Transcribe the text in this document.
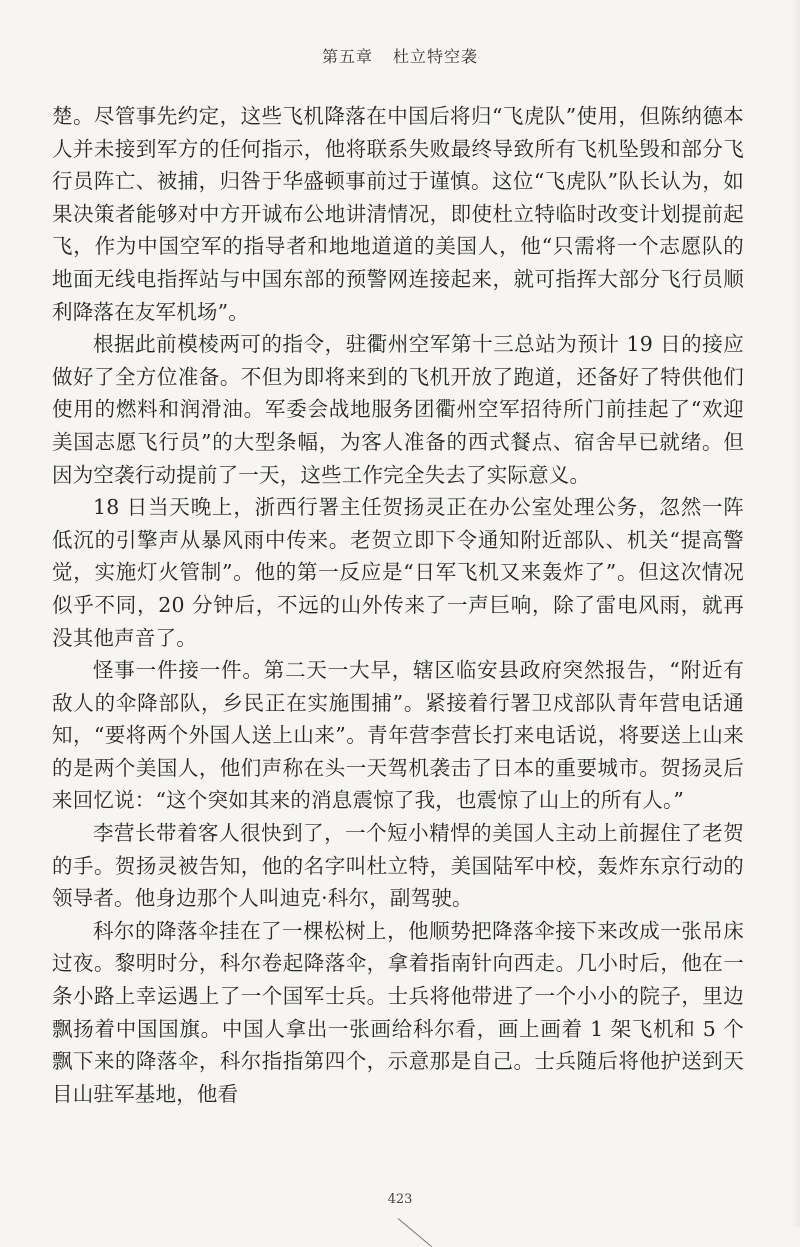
第五章 杜立特空袭

楚。尽管事先约定，这些飞机降落在中国后将归“飞虎队”使用，但陈纳德本人并未接到军方的任何指示，他将联系失败最终导致所有飞机坠毁和部分飞行员阵亡、被捕，归咎于华盛顿事前过于谨慎。这位“飞虎队”队长认为，如果决策者能够对中方开诚布公地讲清情况，即使杜立特临时改变计划提前起飞，作为中国空军的指导者和地地道道的美国人，他“只需将一个志愿队的地面无线电指挥站与中国东部的预警网连接起来，就可指挥大部分飞行员顺利降落在友军机场”。

根据此前模棱两可的指令，驻衢州空军第十三总站为预计 19 日的接应做好了全方位准备。不但为即将来到的飞机开放了跑道，还备好了特供他们使用的燃料和润滑油。军委会战地服务团衢州空军招待所门前挂起了“欢迎美国志愿飞行员”的大型条幅，为客人准备的西式餐点、宿舍早已就绪。但因为空袭行动提前了一天，这些工作完全失去了实际意义。

18 日当天晚上，浙西行署主任贺扬灵正在办公室处理公务，忽然一阵低沉的引擎声从暴风雨中传来。老贺立即下令通知附近部队、机关“提高警觉，实施灯火管制”。他的第一反应是“日军飞机又来轰炸了”。但这次情况似乎不同，20 分钟后，不远的山外传来了一声巨响，除了雷电风雨，就再没其他声音了。

怪事一件接一件。第二天一大早，辖区临安县政府突然报告，“附近有敌人的伞降部队，乡民正在实施围捕”。紧接着行署卫戍部队青年营电话通知，“要将两个外国人送上山来”。青年营李营长打来电话说，将要送上山来的是两个美国人，他们声称在头一天驾机袭击了日本的重要城市。贺扬灵后来回忆说：“这个突如其来的消息震惊了我，也震惊了山上的所有人。”

李营长带着客人很快到了，一个短小精悍的美国人主动上前握住了老贺的手。贺扬灵被告知，他的名字叫杜立特，美国陆军中校，轰炸东京行动的领导者。他身边那个人叫迪克·科尔，副驾驶。

科尔的降落伞挂在了一棵松树上，他顺势把降落伞接下来改成一张吊床过夜。黎明时分，科尔卷起降落伞，拿着指南针向西走。几小时后，他在一条小路上幸运遇上了一个国军士兵。士兵将他带进了一个小小的院子，里边飘扬着中国国旗。中国人拿出一张画给科尔看，画上画着 1 架飞机和 5 个飘下来的降落伞，科尔指指第四个，示意那是自己。士兵随后将他护送到天目山驻军基地，他看

423
